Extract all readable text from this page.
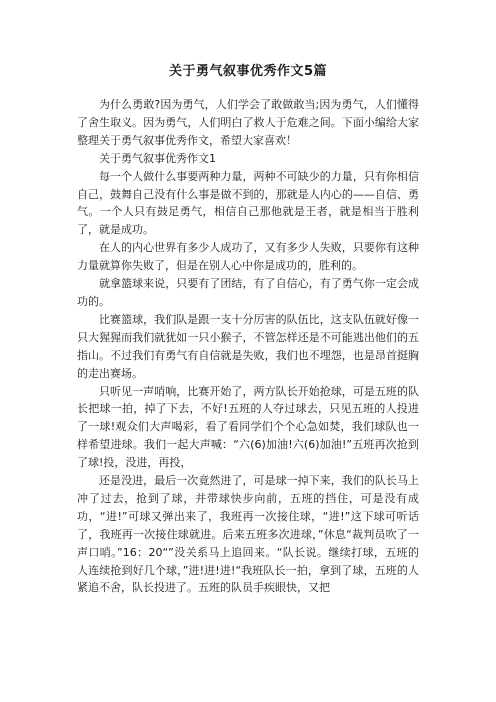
关于勇气叙事优秀作文5篇

为什么勇敢?因为勇气，人们学会了敢做敢当;因为勇气，人们懂得了舍生取义。因为勇气，人们明白了救人于危难之间。下面小编给大家整理关于勇气叙事优秀作文，希望大家喜欢！

关于勇气叙事优秀作文1

每一个人做什么事要两种力量，两种不可缺少的力量，只有你相信自己，鼓舞自己没有什么事是做不到的，那就是人内心的——自信、勇气。一个人只有鼓足勇气，相信自己那他就是王者，就是相当于胜利了，就是成功。

在人的内心世界有多少人成功了，又有多少人失败，只要你有这种力量就算你失败了，但是在别人心中你是成功的，胜利的。

就拿篮球来说，只要有了团结，有了自信心，有了勇气你一定会成功的。

比赛篮球，我们队是跟一支十分厉害的队伍比，这支队伍就好像一只大猩猩而我们就犹如一只小猴子，不管怎样还是不可能逃出他们的五指山。不过我们有勇气有自信就是失败，我们也不埋怨，也是昂首挺胸的走出赛场。

只听见一声哨响，比赛开始了，两方队长开始抢球，可是五班的队长把球一拍，掉了下去，不好!五班的人夺过球去，只见五班的人投进了一球!观众们大声喝彩，看了看同学们个个心急如焚，我们球队也一样希望进球。我们一起大声喊：“六(6)加油!六(6)加油!”五班再次抢到了球!投，没进，再投，

还是没进，最后一次竟然进了，可是球一掉下来，我们的队长马上冲了过去，抢到了球，并带球快步向前，五班的挡住，可是没有成功，“进!”可球又弹出来了，我班再一次接住球，“进!”这下球可听话了，我班再一次接住球就进。后来五班多次进球，”休息“裁判员吹了一声口哨。”16：20“”没关系马上追回来。“队长说。继续打球，五班的人连续抢到好几个球，”进!进!进!“我班队长一拍，拿到了球，五班的人紧追不舍，队长投进了。五班的队员手疾眼快，又把
